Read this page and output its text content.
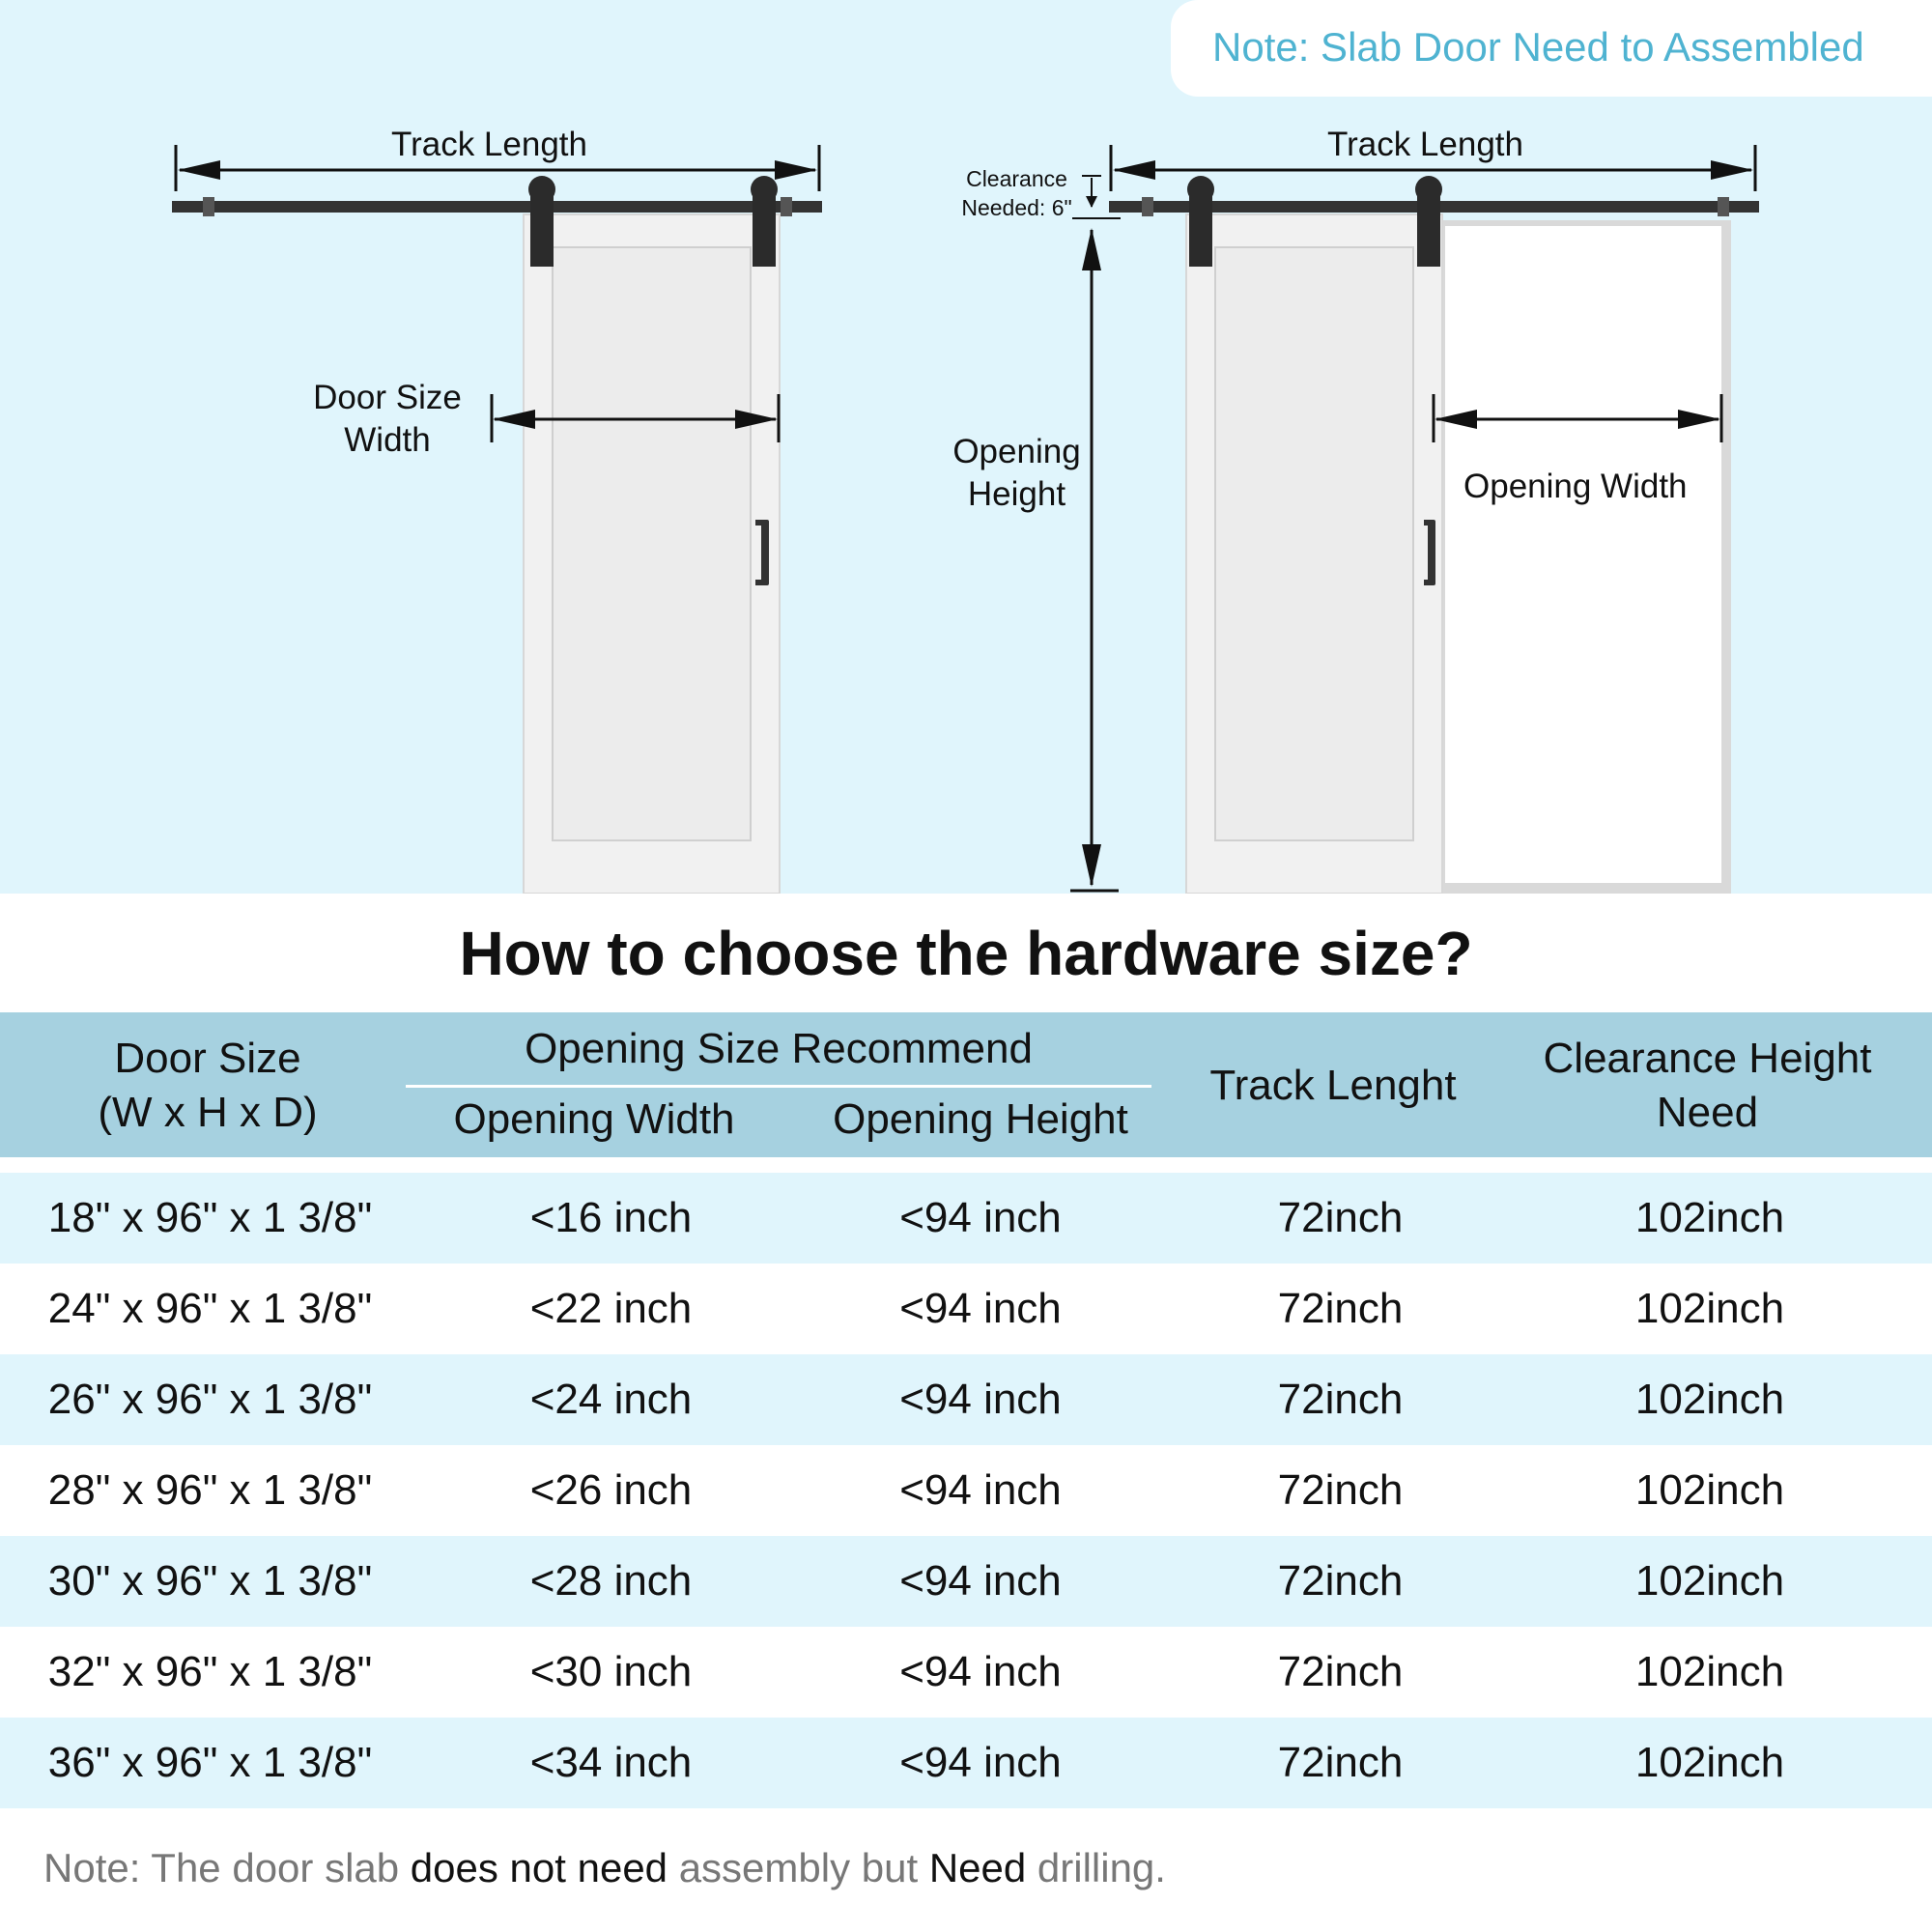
Note: Slab Door Need to Assembled
Track Length
Door Size
Width
Track Length
Clearance
Needed: 6"
Opening
Height	Opening Width
How to choose the hardware size?
Door Size
(W x H x D)
Opening Size Recommend
Opening Width	Opening Height
Track Lenght
Clearance Height
Need
18" x 96" x 1 3/8"	<16 inch	<94 inch	72inch	102inch
24" x 96" x 1 3/8"	<22 inch	<94 inch	72inch	102inch
26" x 96" x 1 3/8"	<24 inch	<94 inch	72inch	102inch
28" x 96" x 1 3/8"	<26 inch	<94 inch	72inch	102inch
30" x 96" x 1 3/8"	<28 inch	<94 inch	72inch	102inch
32" x 96" x 1 3/8"	<30 inch	<94 inch	72inch	102inch
36" x 96" x 1 3/8"	<34 inch	<94 inch	72inch	102inch
Note: The door slab does not need assembly but Need drilling.
